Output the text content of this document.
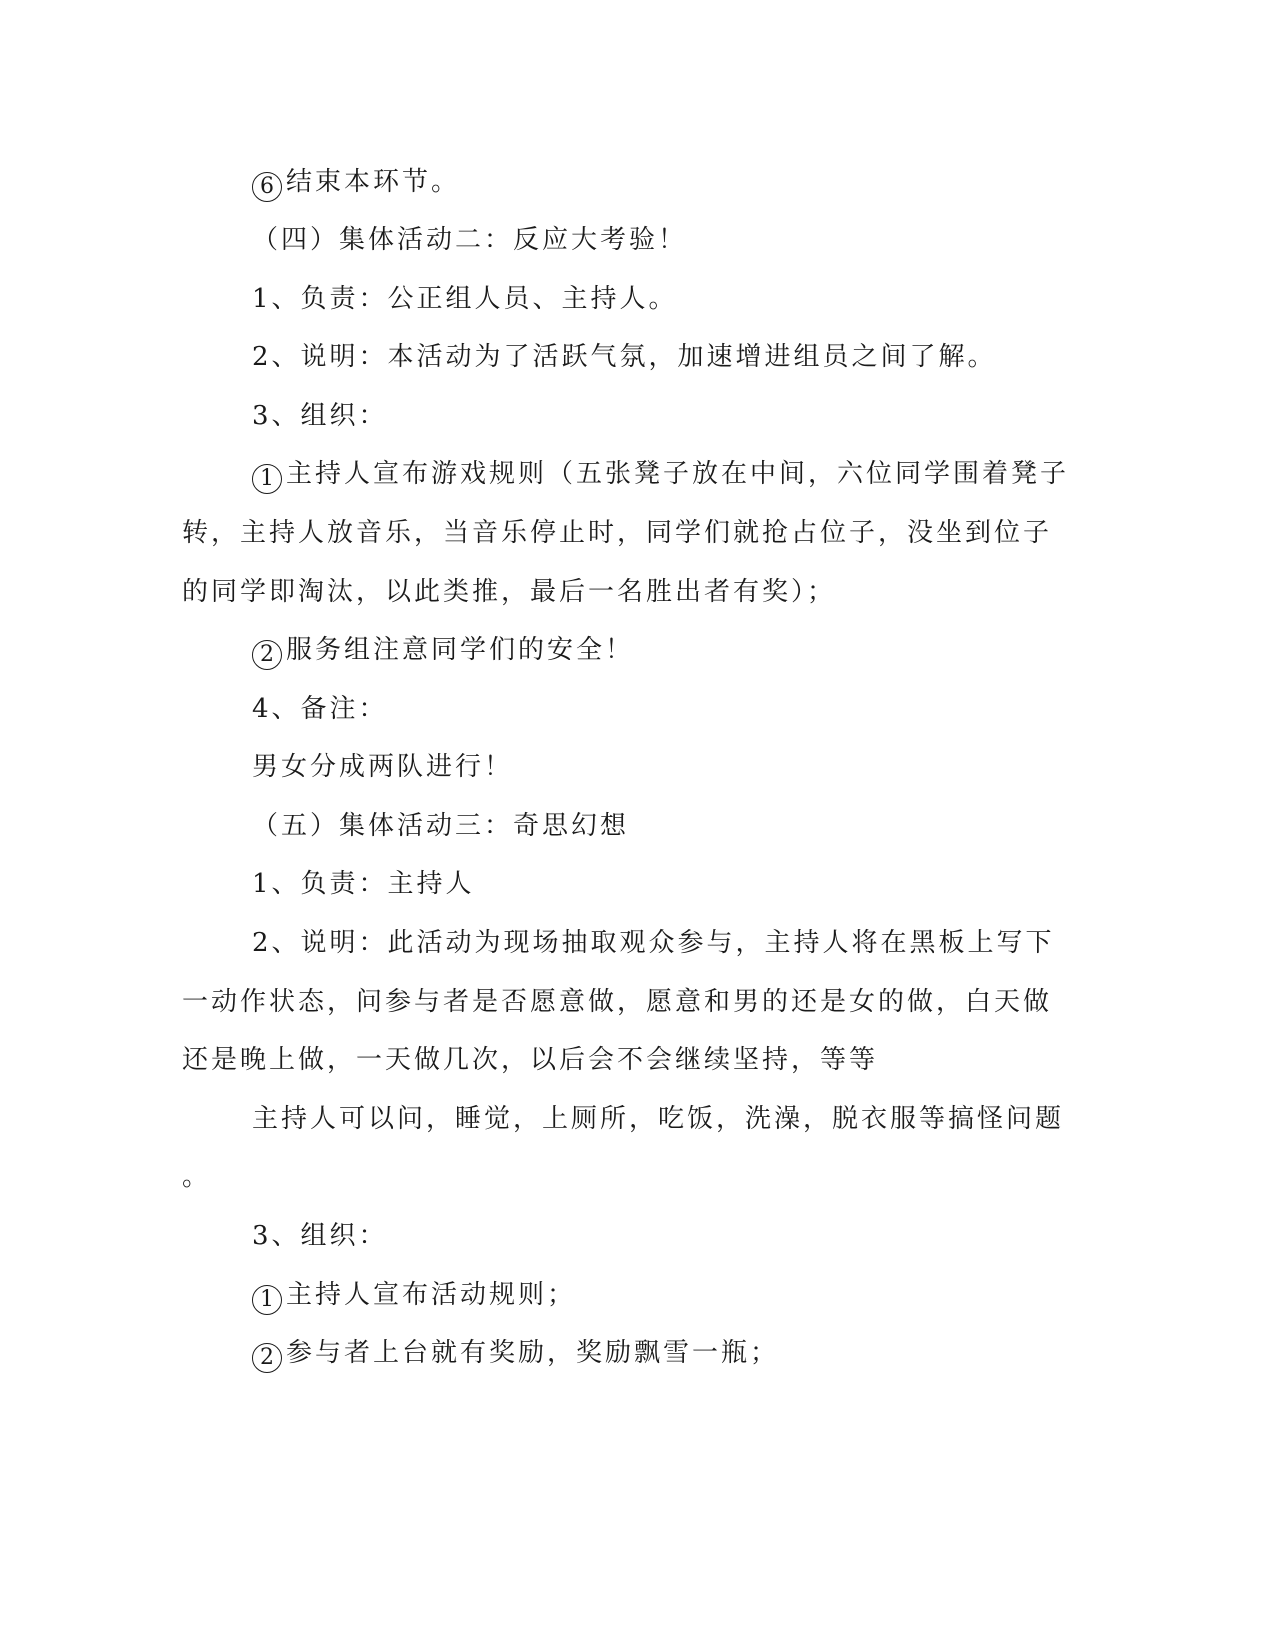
6 结束本环节。
（四）集体活动二：反应大考验！
1、负责：公正组人员、主持人。
2、说明：本活动为了活跃气氛，加速增进组员之间了解。
3、组织：
1 主持人宣布游戏规则（五张凳子放在中间，六位同学围着凳子
转，主持人放音乐，当音乐停止时，同学们就抢占位子，没坐到位子
的同学即淘汰，以此类推，最后一名胜出者有奖）；
2 服务组注意同学们的安全！
4、备注：
男女分成两队进行！
（五）集体活动三：奇思幻想
1、负责：主持人
2、说明：此活动为现场抽取观众参与，主持人将在黑板上写下
一动作状态，问参与者是否愿意做，愿意和男的还是女的做，白天做
还是晚上做，一天做几次，以后会不会继续坚持，等等
主持人可以问，睡觉，上厕所，吃饭，洗澡，脱衣服等搞怪问题
。
3、组织：
1 主持人宣布活动规则；
2 参与者上台就有奖励，奖励飘雪一瓶；
